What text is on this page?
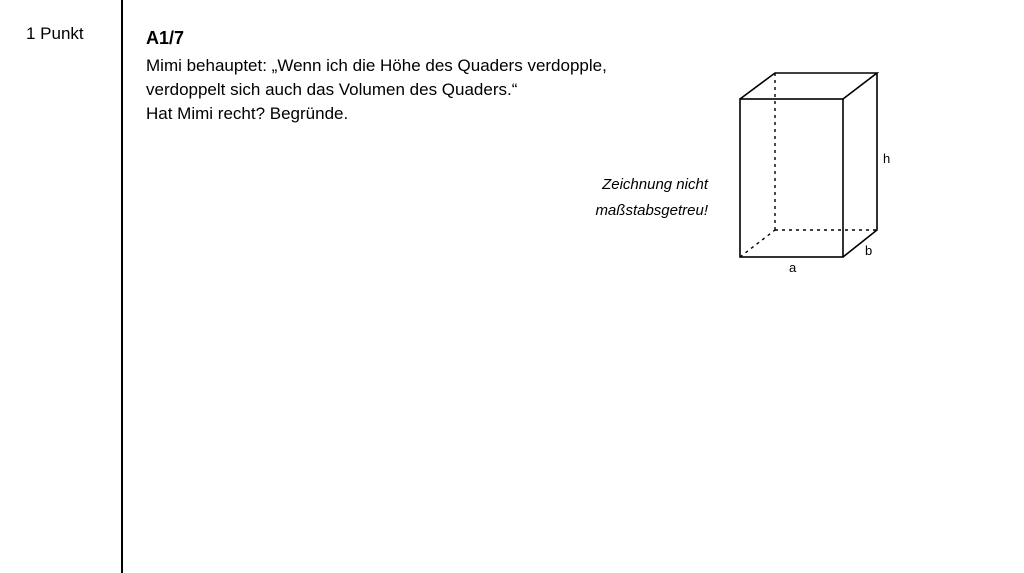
1 Punkt	A1/7
Mimi behauptet: „Wenn ich die Höhe des Quaders verdopple,
verdoppelt sich auch das Volumen des Quaders.“
Hat Mimi recht? Begründe.
Zeichnung nicht
maßstabsgetreu!
h
a
b
